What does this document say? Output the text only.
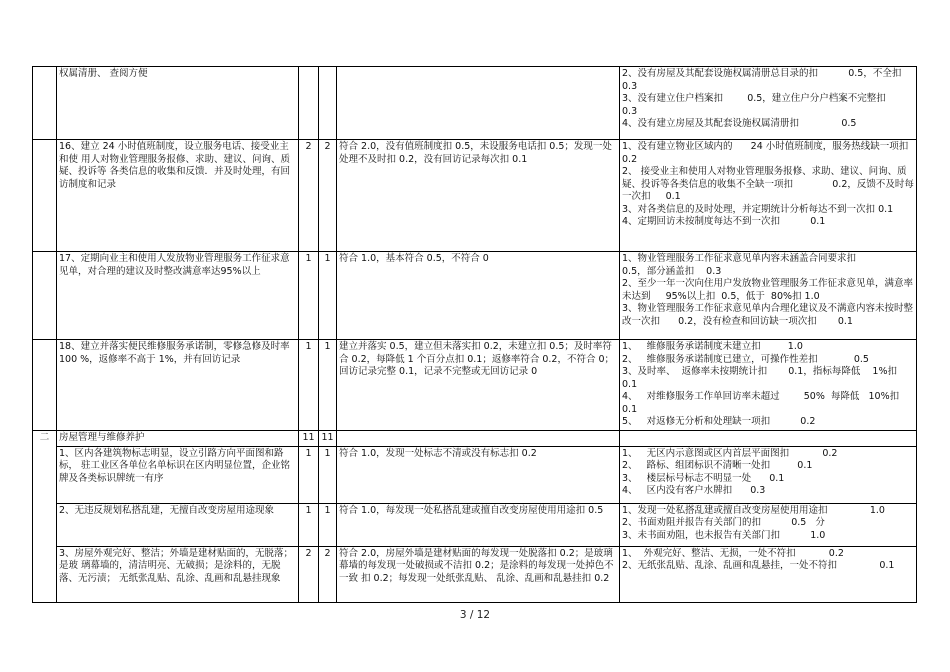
	权属清册、 查阅方便				2、没有房屋及其配套设施权属清册总目录的扣          0.5，不全扣
0.3
3、没有建立住户档案扣        0.5，建立住户分户档案不完整扣
0.3
4、没有建立房屋及其配套设施权属清册扣              0.5

	16、建立 24 小时值班制度，设立服务电话、接受业主和使 用人对物业管理服务报修、求助、建议、问询、质疑、投诉等 各类信息的收集和反馈．并及时处理，有回访制度和记录	2	2	符合 2.0，没有值班制度扣 0.5，未设服务电话扣 0.5；发现一处处理不及时扣 0.2，没有回访记录每次扣 0.1	1、没有建立物业区域内的      24 小时值班制度，服务热线缺一项扣 0.2
2、 接受业主和使用人对物业管理服务报修、求助、建议、问询、质疑、投诉等各类信息的收集不全缺一项扣             0.2，反馈不及时每一次扣     0.1
3、对各类信息的及时处理，并定期统计分析每达不到一次扣 0.1
4、定期回访未按制度每达不到一次扣          0.1

	17、定期向业主和使用人发放物业管理服务工作征求意见单，对合理的建议及时整改满意率达95%以上	1	1	符合 1.0，基本符合 0.5，不符合 0	1、物业管理服务工作征求意见单内容未涵盖合同要求扣
0.5，部分涵盖扣    0.3
2、至少一年一次向住用户发放物业管理服务工作征求意见单，满意率未达到     95%以上扣  0.5，低于  80%扣 1.0
3、物业管理服务工作征求意见单内合理化建议及不满意内容未按时整改一次扣      0.2，没有检查和回访缺一项次扣       0.1

	18、建立并落实便民维修服务承诺制，零修急修及时率 100 %，返修率不高于 1%，并有回访记录	1	1	建立并落实 0.5，建立但未落实扣 0.2，未建立扣 0.5；及时率符合 0.2，每降低 1 个百分点扣 0.1；返修率符合 0.2，不符合 0；回访记录完整 0.1，记录不完整或无回访记录 0	1、   维修服务承诺制度未建立扣         1.0
2、   维修服务承诺制度已建立，可操作性差扣            0.5
3、及时率、  返修率未按期统计扣       0.1，指标每降低    1%扣 0.1
4、   对维修服务工作单回访率未超过        50%  每降低   10%扣 0.1
5、   对返修无分析和处理缺一项扣          0.2

二	房屋管理与维修养护	11	11		
	1、区内各建筑物标志明显，设立引路方向平面图和路标， 驻工业区各单位名单标识在区内明显位置，企业铭牌及各类标识牌统一有序	1	1	符合 1.0，发现一处标志不清或没有标志扣 0.2	1、   无区内示意图或区内首层平面图扣           0.2
2、   路标、组团标识不清晰一处扣         0.1
3、   楼层标号标志不明显一处      0.1
4、   区内没有客户水牌扣      0.3

	2、无违反规划私搭乱建，无擅自改变房屋用途现象	1	1	符合 1.0，每发现一处私搭乱建或擅自改变房屋使用用途扣 0.5	1、发现一处私搭乱建或擅自改变房屋使用用途扣              1.0
2、书面劝阻并报告有关部门的扣          0.5   分
3、未书面劝阻，也未报告有关部门扣          1.0

	3、房屋外观完好、整洁；外墙是建材贴面的，无脱落；是玻 璃幕墙的，清洁明亮、无破损；是涂料的，无脱落、无污渍； 无纸张乱贴、乱涂、乱画和乱悬挂现象	2	2	符合 2.0，房屋外墙是建材贴面的每发现一处脱落扣 0.2；是玻璃幕墙的每发现一处破损或不洁扣 0.2；是涂料的每发现一处掉色不一致 扣 0.2；每发现一处纸张乱贴、 乱涂、乱画和乱悬挂扣 0.2	1、  外观完好、整洁、无损，一处不符扣           0.2
2、无纸张乱贴、乱涂、乱画和乱悬挂，一处不符扣              0.1
3 / 12
